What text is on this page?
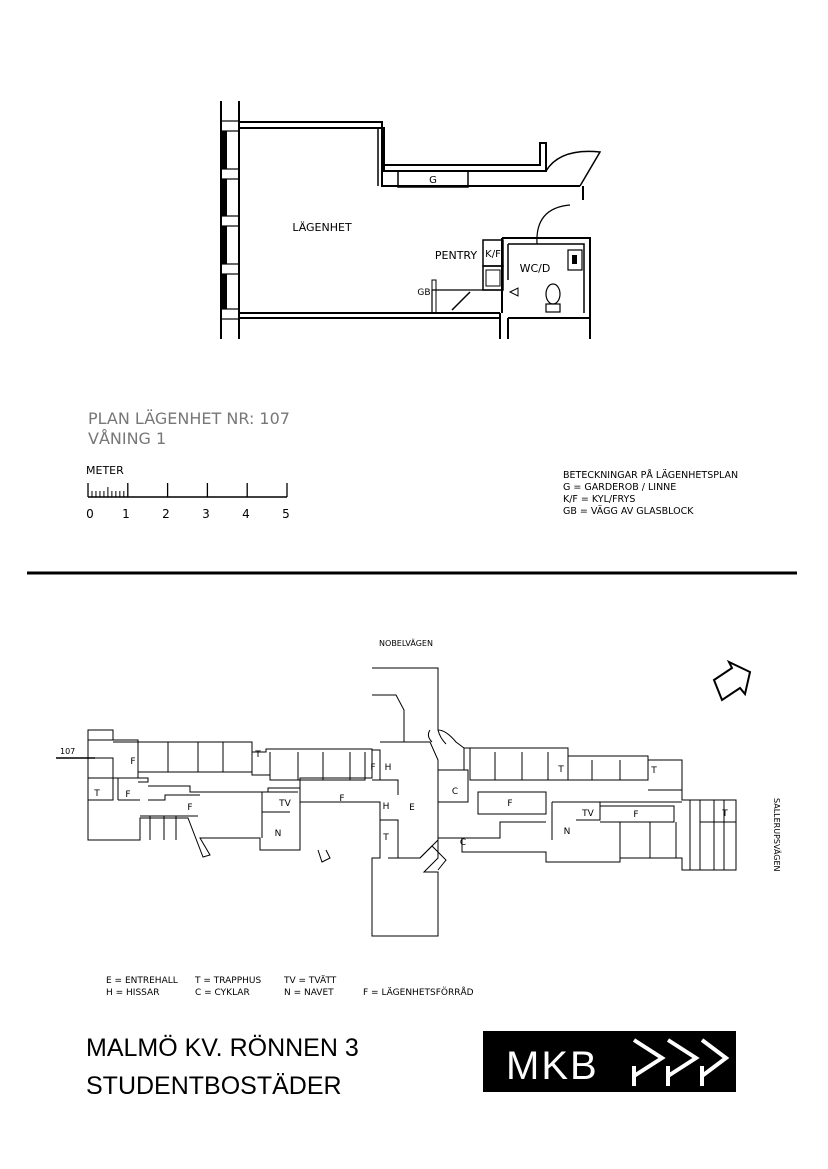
G
K/F
PENTRY
GB
WC/D
LÄGENHET
PLAN LÄGENHET NR: 107
VÅNING 1
METER
0 1	2	3	4	5
BETECKNINGAR PÅ LÄGENHETSPLAN
G = GARDEROB / LINNE
K/F = KYL/FRYS
GB = VÄGG AV GLASBLOCK
NOBELVÄGEN
SALLERUPSVÄGEN
107
F
T	F
F
T
TV
N
F
F H
H
T
E
C
C
F
T
N
TV	F
T
T
E = ENTREHALL T = TRAPPHUS	TV = TVÄTT
H = HISSAR	C = CYKLAR	N = NAVET	F = LÄGENHETSFÖRRÅD
MALMÖ KV. RÖNNEN 3
STUDENTBOSTÄDER	MKB
